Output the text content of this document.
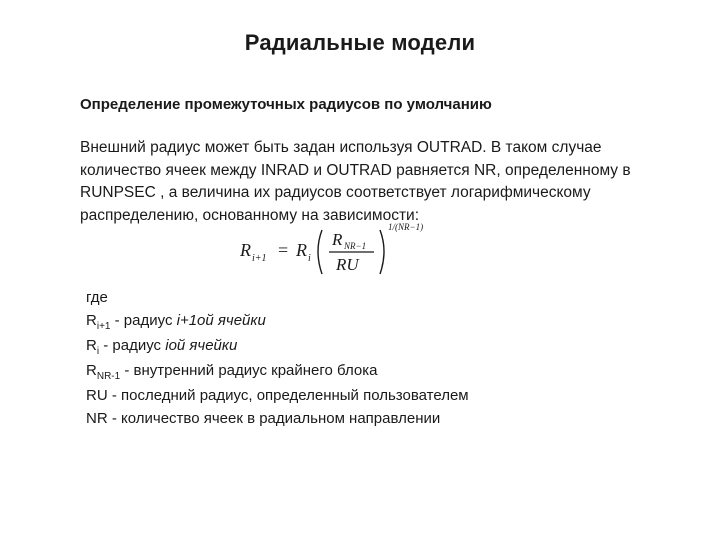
Радиальные модели
Определение промежуточных радиусов по умолчанию
Внешний радиус может быть задан используя OUTRAD. В таком случае
количество ячеек между INRAD и OUTRAD равняется NR, определенному в
RUNPSEC , а величина их радиусов соответствует логарифмическому
распределению, основанному на зависимости:
R i+1 = R i
R NR−1
RU
1/(NR−1)
где
$R_{i+1}$ - радиус i+1ой ячейки
$R_i$ - радиус iой ячейки
$R_{NR-1}$ - внутренний радиус крайнего блока
RU - последний радиус, определенный пользователем
NR - количество ячеек в радиальном направлении
